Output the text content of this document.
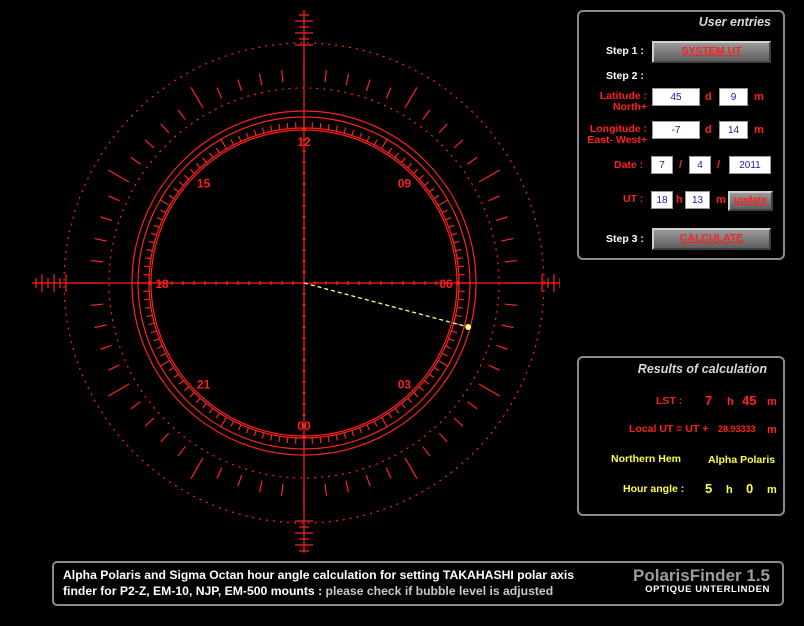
12
09
06
03
00
21
18
15
User entries
Step 1 :	SYSTEM UT
Step 2 :
Latitude :
North+
45	d	9	m
Longitude :
East- West+
-7	d	14	m
Date :	7	/	4	/	2011
UT :	18 h 13	m update
Step 3 :	CALCULATE
Results of calculation
LST : 7 h 45 m
Local UT = UT + 28.93333 m
Northern Hem	Alpha Polaris
Hour angle : 5 h 0 m
Alpha Polaris and Sigma Octan hour angle calculation for setting TAKAHASHI polar axis
finder for P2-Z, EM-10, NJP, EM-500 mounts : please check if bubble level is adjusted
PolarisFinder 1.5
OPTIQUE UNTERLINDEN
